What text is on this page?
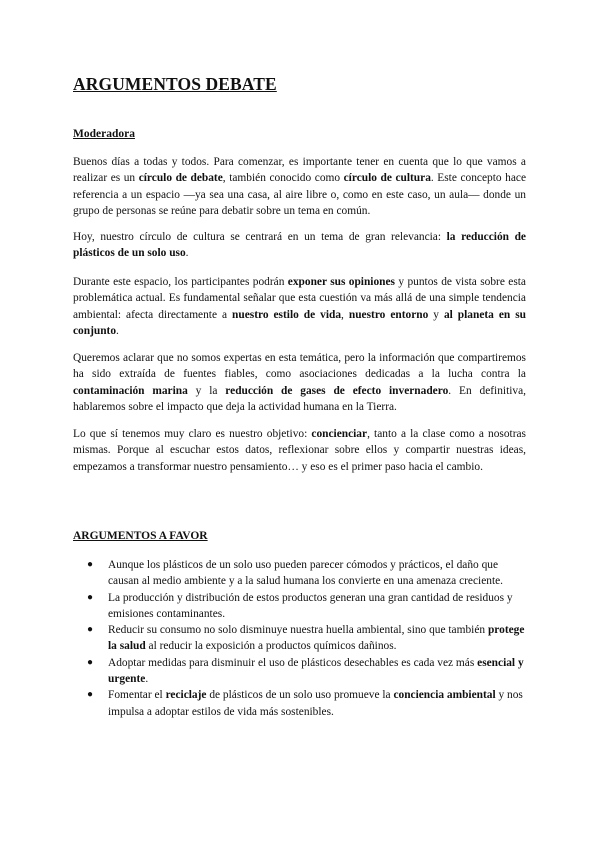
ARGUMENTOS DEBATE
Moderadora

Buenos días a todas y todos. Para comenzar, es importante tener en cuenta que lo que vamos a realizar es un círculo de debate, también conocido como círculo de cultura. Este concepto hace referencia a un espacio —ya sea una casa, al aire libre o, como en este caso, un aula— donde un grupo de personas se reúne para debatir sobre un tema en común.

Hoy, nuestro círculo de cultura se centrará en un tema de gran relevancia: la reducción de plásticos de un solo uso.

Durante este espacio, los participantes podrán exponer sus opiniones y puntos de vista sobre esta problemática actual. Es fundamental señalar que esta cuestión va más allá de una simple tendencia ambiental: afecta directamente a nuestro estilo de vida, nuestro entorno y al planeta en su conjunto.

Queremos aclarar que no somos expertas en esta temática, pero la información que compartiremos ha sido extraída de fuentes fiables, como asociaciones dedicadas a la lucha contra la contaminación marina y la reducción de gases de efecto invernadero. En definitiva, hablaremos sobre el impacto que deja la actividad humana en la Tierra.

Lo que sí tenemos muy claro es nuestro objetivo: concienciar, tanto a la clase como a nosotras mismas. Porque al escuchar estos datos, reflexionar sobre ellos y compartir nuestras ideas, empezamos a transformar nuestro pensamiento… y eso es el primer paso hacia el cambio.

ARGUMENTOS A FAVOR
● Aunque los plásticos de un solo uso pueden parecer cómodos y prácticos, el daño que causan al medio ambiente y a la salud humana los convierte en una amenaza creciente.
● La producción y distribución de estos productos generan una gran cantidad de residuos y emisiones contaminantes.
● Reducir su consumo no solo disminuye nuestra huella ambiental, sino que también protege la salud al reducir la exposición a productos químicos dañinos.
● Adoptar medidas para disminuir el uso de plásticos desechables es cada vez más esencial y urgente.
● Fomentar el reciclaje de plásticos de un solo uso promueve la conciencia ambiental y nos impulsa a adoptar estilos de vida más sostenibles.
